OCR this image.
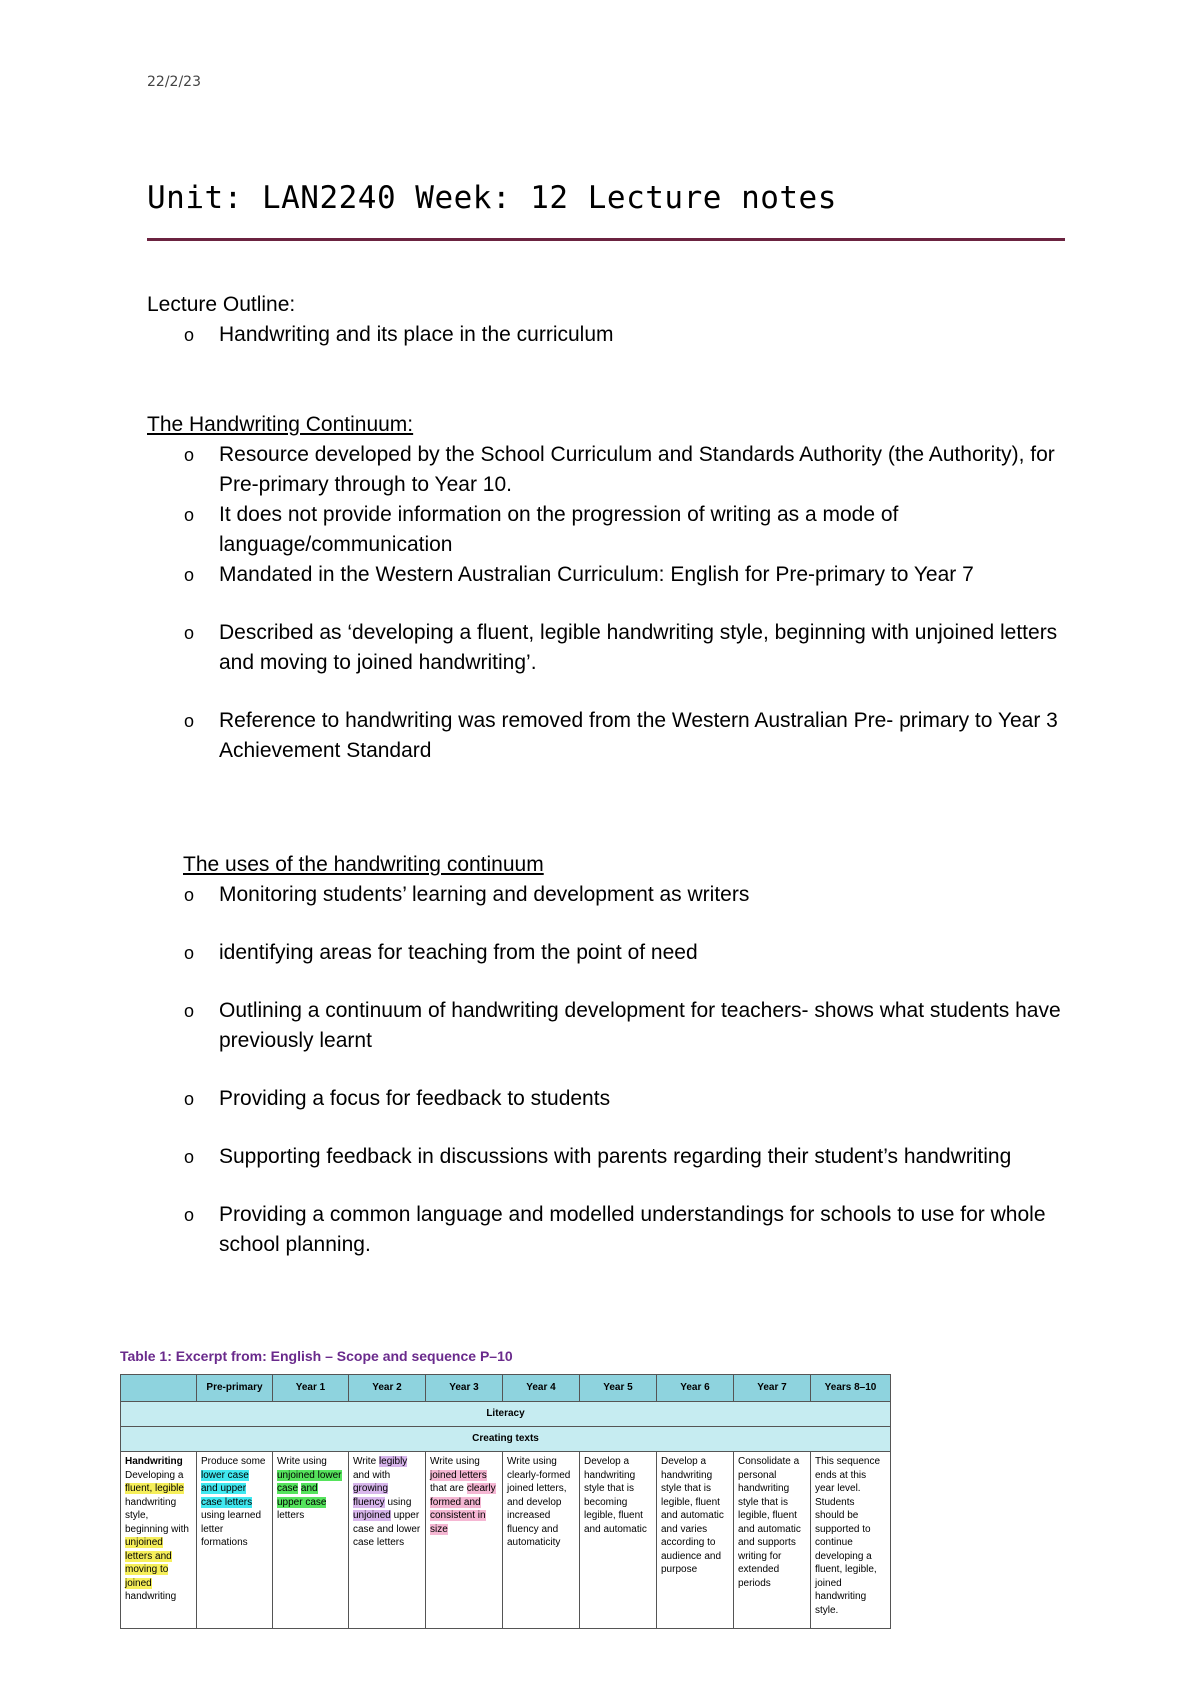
22/2/23
Unit: LAN2240 Week: 12 Lecture notes

Lecture Outline:

o Handwriting and its place in the curriculum

The Handwriting Continuum:

o Resource developed by the School Curriculum and Standards Authority (the Authority), for Pre-primary through to Year 10.
o It does not provide information on the progression of writing as a mode of language/communication
o Mandated in the Western Australian Curriculum: English for Pre-primary to Year 7
o Described as ‘developing a fluent, legible handwriting style, beginning with unjoined letters and moving to joined handwriting’.
o Reference to handwriting was removed from the Western Australian Pre- primary to Year 3 Achievement Standard

The uses of the handwriting continuum

o Monitoring students’ learning and development as writers
o identifying areas for teaching from the point of need
o Outlining a continuum of handwriting development for teachers- shows what students have previously learnt
o Providing a focus for feedback to students
o Supporting feedback in discussions with parents regarding their student’s handwriting
o Providing a common language and modelled understandings for schools to use for whole school planning.
Table 1: Excerpt from: English – Scope and sequence P–10
	Pre-primary	Year 1	Year 2	Year 3	Year 4	Year 5	Year 6	Year 7	Years 8–10
Literacy									
Creating texts									
Handwriting
Developing a fluent, legible handwriting style, beginning with unjoined letters and moving to joined handwriting	Produce some lower case and upper case letters using learned letter formations	Write using unjoined lower case and upper case letters	Write legibly and with growing fluency using unjoined upper case and lower case letters	Write using joined letters that are clearly formed and consistent in size	Write using clearly-formed joined letters, and develop increased fluency and automaticity	Develop a handwriting style that is becoming legible, fluent and automatic	Develop a handwriting style that is legible, fluent and automatic and varies according to audience and purpose	Consolidate a personal handwriting style that is legible, fluent and automatic and supports writing for extended periods	This sequence ends at this year level. Students should be supported to continue developing a fluent, legible, joined handwriting style.
